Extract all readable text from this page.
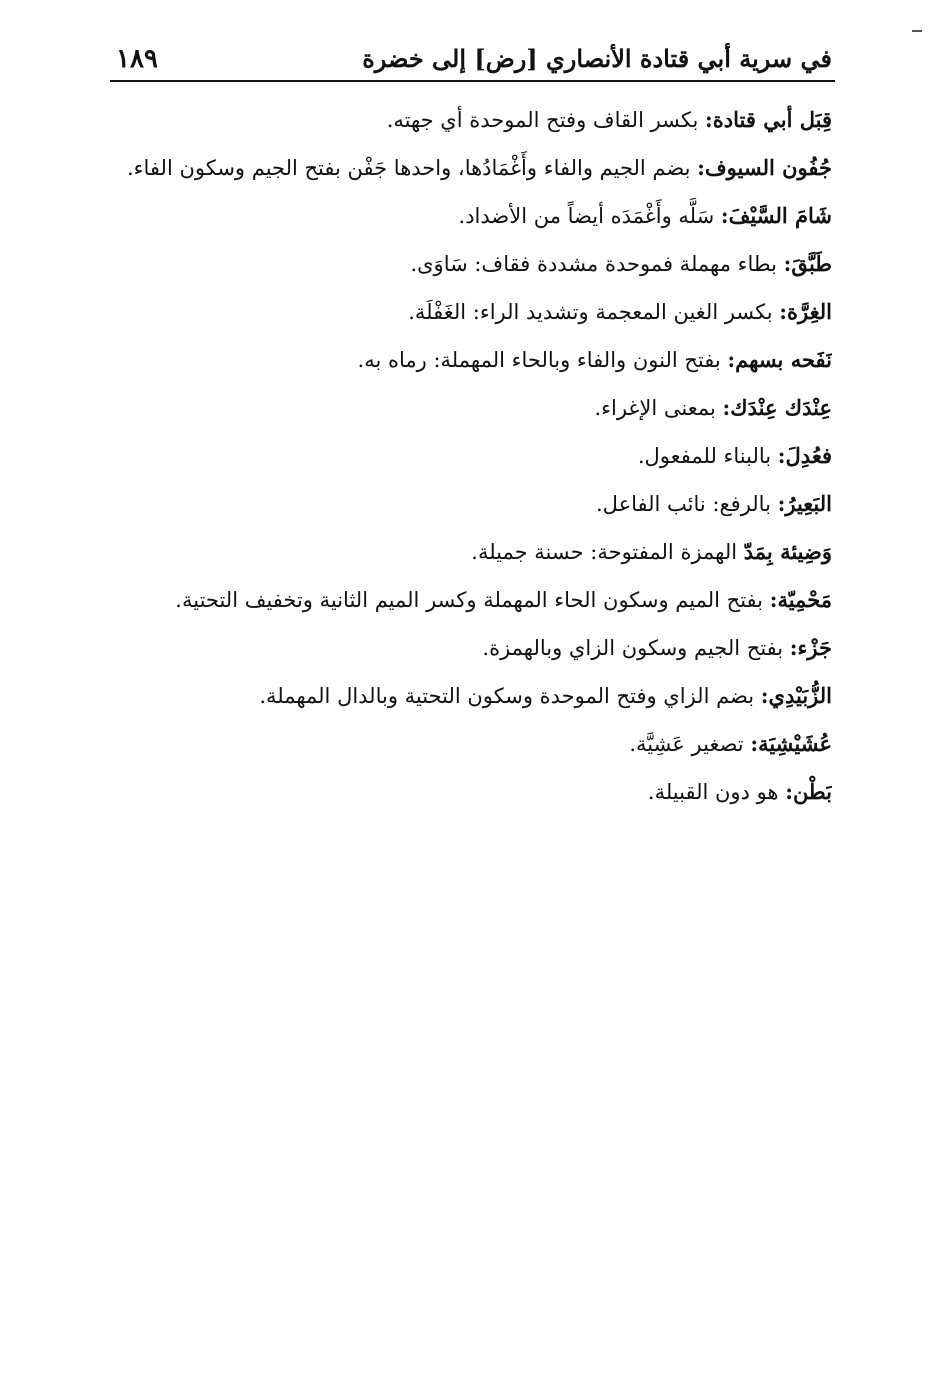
١٨٩	في سرية أبي قتادة الأنصاري [رض] إلى خضرة
قِبَل أبي قتادة: بكسر القاف وفتح الموحدة أي جهته.
جُفُون السيوف: بضم الجيم والفاء وأَغْمَادُها، واحدها جَفْن بفتح الجيم وسكون الفاء.
شَامَ السَّيْفَ: سَلَّه وأَغْمَدَه أيضاً من الأضداد.
طَبَّقَ: بطاء مهملة فموحدة مشددة فقاف: سَاوَى.
الغِرَّة: بكسر الغين المعجمة وتشديد الراء: الغَفْلَة.
نَفَحه بسهم: بفتح النون والفاء وبالحاء المهملة: رماه به.
عِنْدَك عِنْدَك: بمعنى الإغراء.
فعُدِلَ: بالبناء للمفعول.
البَعِيرُ: بالرفع: نائب الفاعل.
وَضِيئة بِمَدّ الهمزة المفتوحة: حسنة جميلة.
مَحْمِيّة: بفتح الميم وسكون الحاء المهملة وكسر الميم الثانية وتخفيف التحتية.
جَزْء: بفتح الجيم وسكون الزاي وبالهمزة.
الزُّبَيْدِي: بضم الزاي وفتح الموحدة وسكون التحتية وبالدال المهملة.
عُشَيْشِيَة: تصغير عَشِيَّة.
بَطْن: هو دون القبيلة.
